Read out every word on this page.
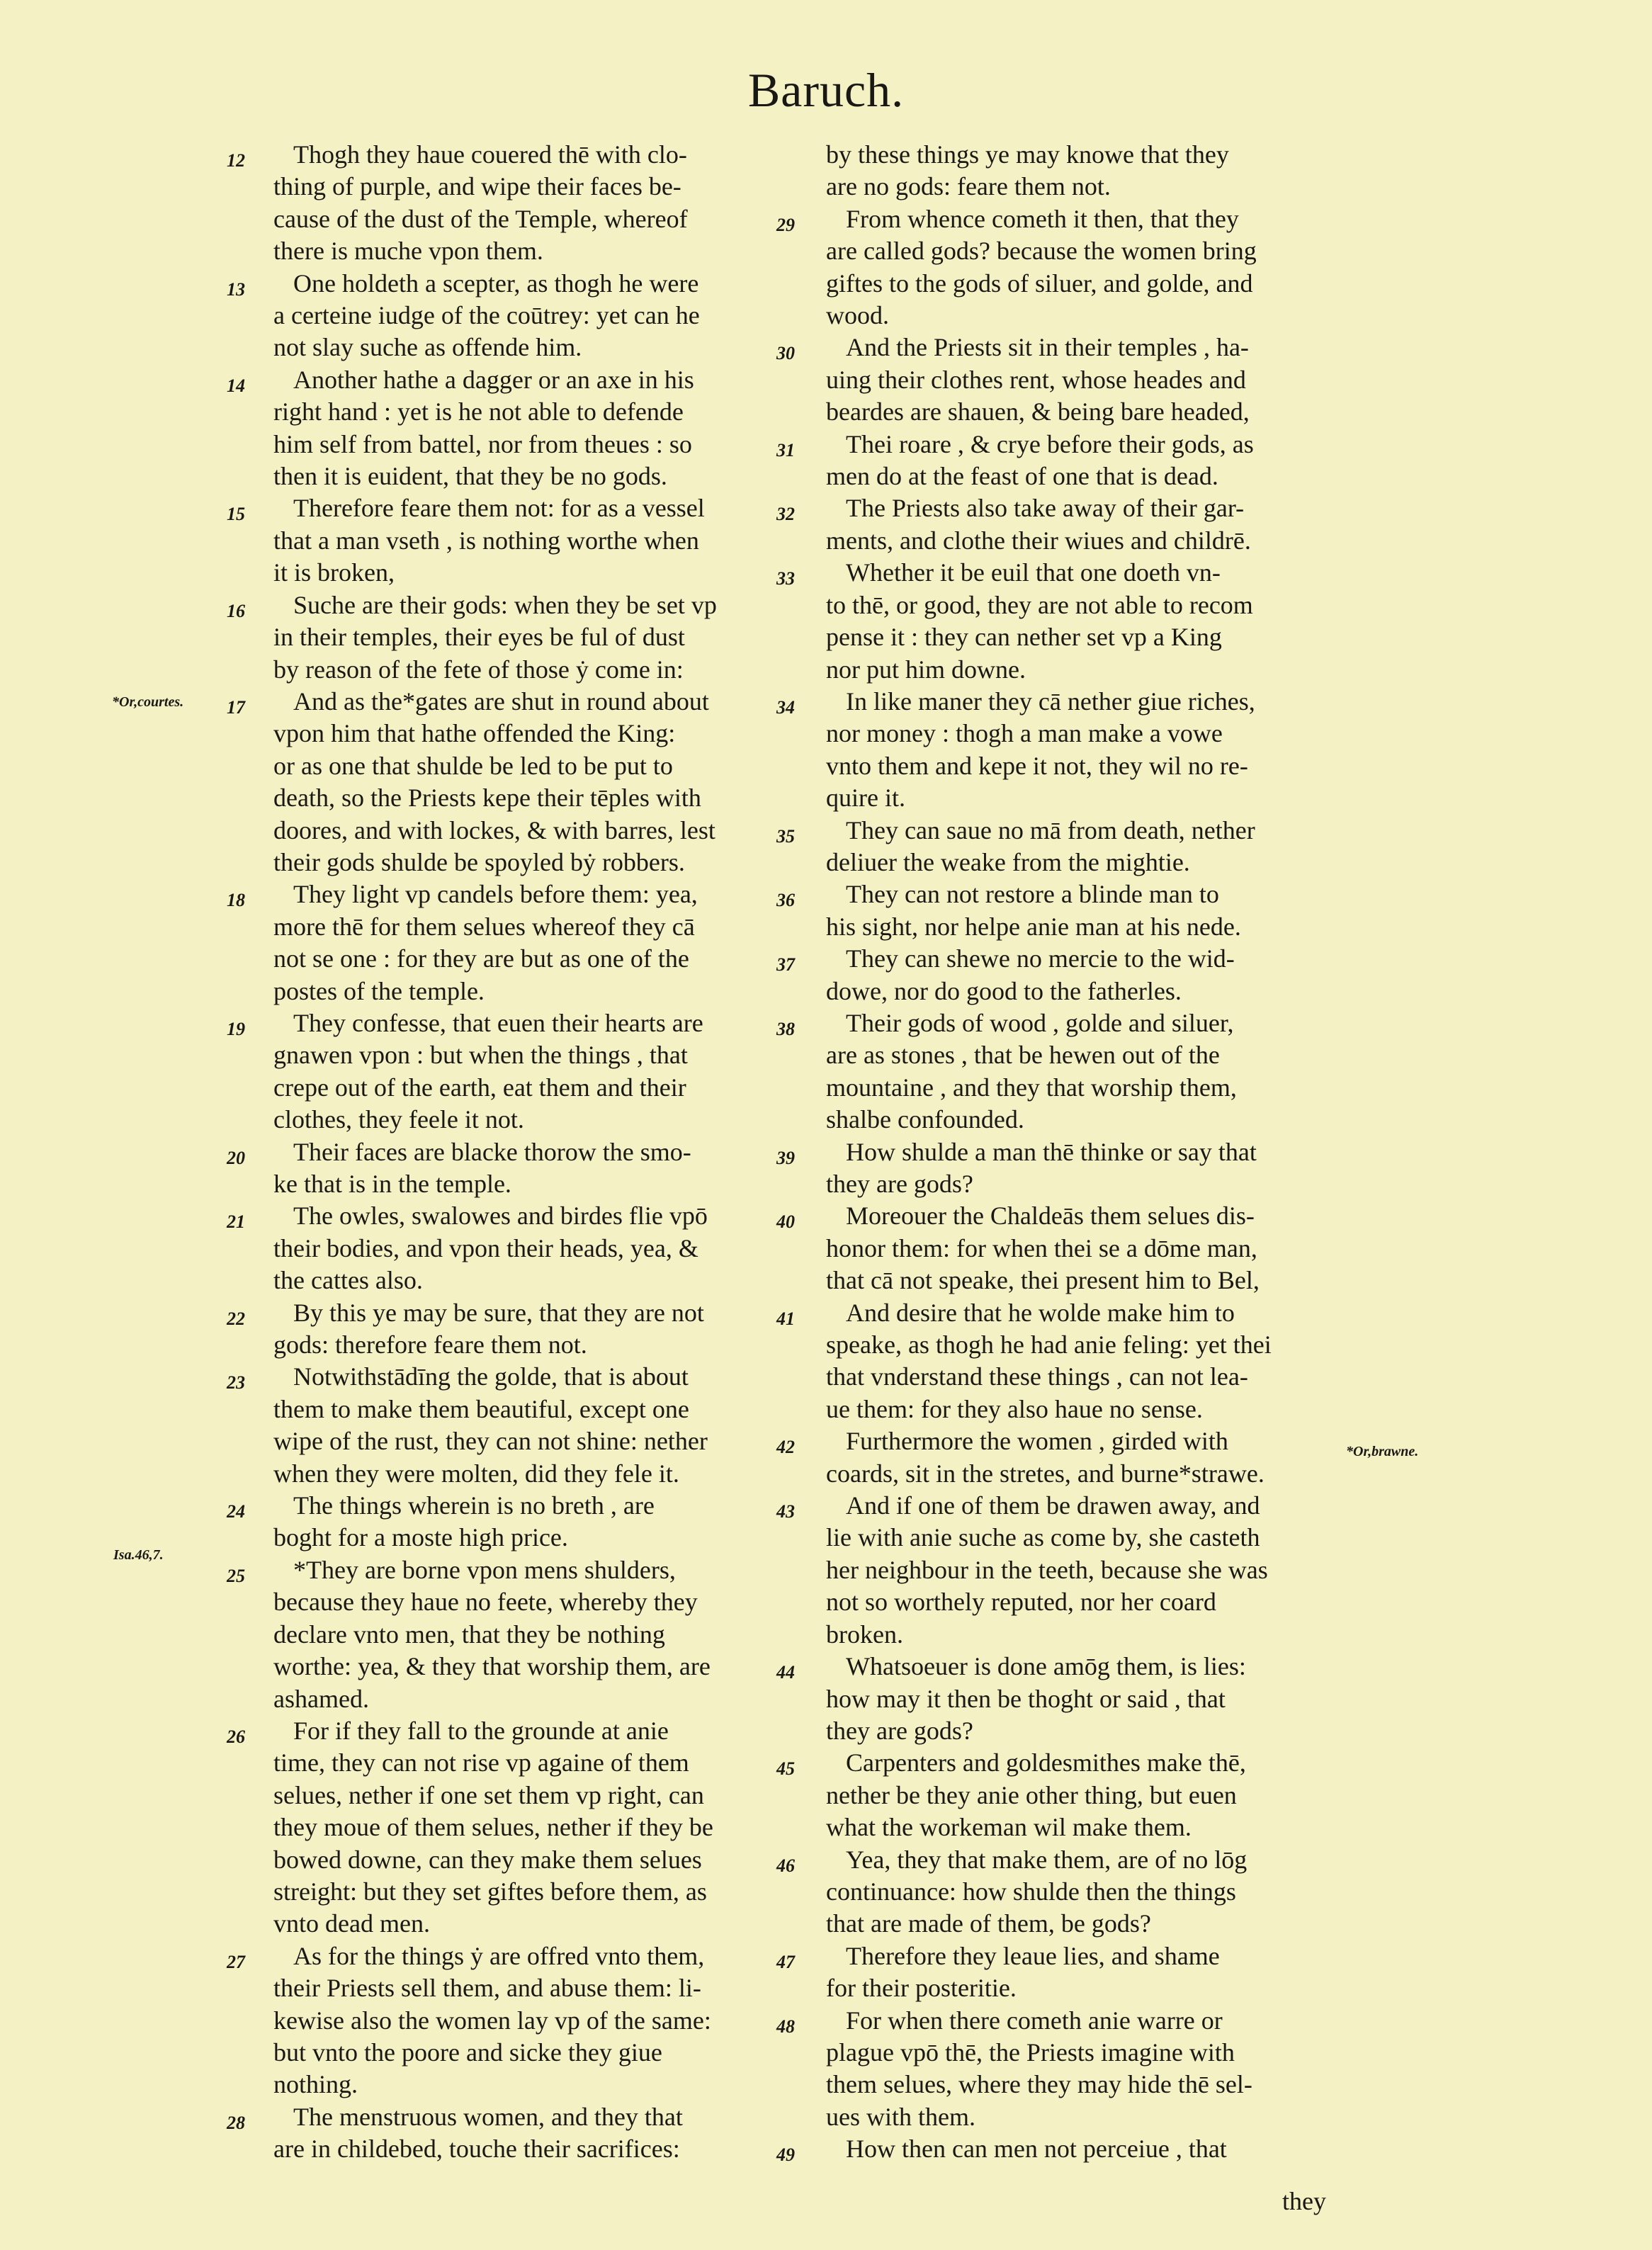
Baruch.
*Or,courtes.
Isa.46,7.
*Or,brawne.
12	Thogh they haue couered thē with clo-
thing of purple, and wipe their faces be-
cause of the dust of the Temple, whereof
there is muche vpon them.
13	One holdeth a scepter, as thogh he were
a certeine iudge of the coūtrey: yet can he
not slay suche as offende him.
14	Another hathe a dagger or an axe in his
right hand : yet is he not able to defende
him self from battel, nor from theues : so
then it is euident, that they be no gods.
15	Therefore feare them not: for as a vessel
that a man vseth , is nothing worthe when
it is broken,
16	Suche are their gods: when they be set vp
in their temples, their eyes be ful of dust
by reason of the fete of those ẏ come in:
17	And as the*gates are shut in round about
vpon him that hathe offended the King:
or as one that shulde be led to be put to
death, so the Priests kepe their tēples with
doores, and with lockes, & with barres, lest
their gods shulde be spoyled bẏ robbers.
18	They light vp candels before them: yea,
more thē for them selues whereof they cā
not se one : for they are but as one of the
postes of the temple.
19	They confesse, that euen their hearts are
gnawen vpon : but when the things , that
crepe out of the earth, eat them and their
clothes, they feele it not.
20	Their faces are blacke thorow the smo-
ke that is in the temple.
21	The owles, swalowes and birdes flie vpō
their bodies, and vpon their heads, yea, &
the cattes also.
22	By this ye may be sure, that they are not
gods: therefore feare them not.
23	Notwithstādīng the golde, that is about
them to make them beautiful, except one
wipe of the rust, they can not shine: nether
when they were molten, did they fele it.
24	The things wherein is no breth , are
boght for a moste high price.
25	*They are borne vpon mens shulders,
because they haue no feete, whereby they
declare vnto men, that they be nothing
worthe: yea, & they that worship them, are
ashamed.
26	For if they fall to the grounde at anie
time, they can not rise vp againe of them
selues, nether if one set them vp right, can
they moue of them selues, nether if they be
bowed downe, can they make them selues
streight: but they set giftes before them, as
vnto dead men.
27	As for the things ẏ are offred vnto them,
their Priests sell them, and abuse them: li-
kewise also the women lay vp of the same:
but vnto the poore and sicke they giue
nothing.
28	The menstruous women, and they that
are in childebed, touche their sacrifices:
by these things ye may knowe that they
are no gods: feare them not.
29	From whence cometh it then, that they
are called gods? because the women bring
giftes to the gods of siluer, and golde, and
wood.
30	And the Priests sit in their temples , ha-
uing their clothes rent, whose heades and
beardes are shauen, & being bare headed,
31	Thei roare , & crye before their gods, as
men do at the feast of one that is dead.
32	The Priests also take away of their gar-
ments, and clothe their wiues and childrē.
33	Whether it be euil that one doeth vn-
to thē, or good, they are not able to recom
pense it : they can nether set vp a King
nor put him downe.
34	In like maner they cā nether giue riches,
nor money : thogh a man make a vowe
vnto them and kepe it not, they wil no re-
quire it.
35	They can saue no mā from death, nether
deliuer the weake from the mightie.
36	They can not restore a blinde man to
his sight, nor helpe anie man at his nede.
37	They can shewe no mercie to the wid-
dowe, nor do good to the fatherles.
38	Their gods of wood , golde and siluer,
are as stones , that be hewen out of the
mountaine , and they that worship them,
shalbe confounded.
39	How shulde a man thē thinke or say that
they are gods?
40	Moreouer the Chaldeās them selues dis-
honor them: for when thei se a dōme man,
that cā not speake, thei present him to Bel,
41	And desire that he wolde make him to
speake, as thogh he had anie feling: yet thei
that vnderstand these things , can not lea-
ue them: for they also haue no sense.
42	Furthermore the women , girded with
coards, sit in the stretes, and burne*strawe.
43	And if one of them be drawen away, and
lie with anie suche as come by, she casteth
her neighbour in the teeth, because she was
not so worthely reputed, nor her coard
broken.
44	Whatsoeuer is done amōg them, is lies:
how may it then be thoght or said , that
they are gods?
45	Carpenters and goldesmithes make thē,
nether be they anie other thing, but euen
what the workeman wil make them.
46	Yea, they that make them, are of no lōg
continuance: how shulde then the things
that are made of them, be gods?
47	Therefore they leaue lies, and shame
for their posteritie.
48	For when there cometh anie warre or
plague vpō thē, the Priests imagine with
them selues, where they may hide thē sel-
ues with them.
49	How then can men not perceiue , that
they
